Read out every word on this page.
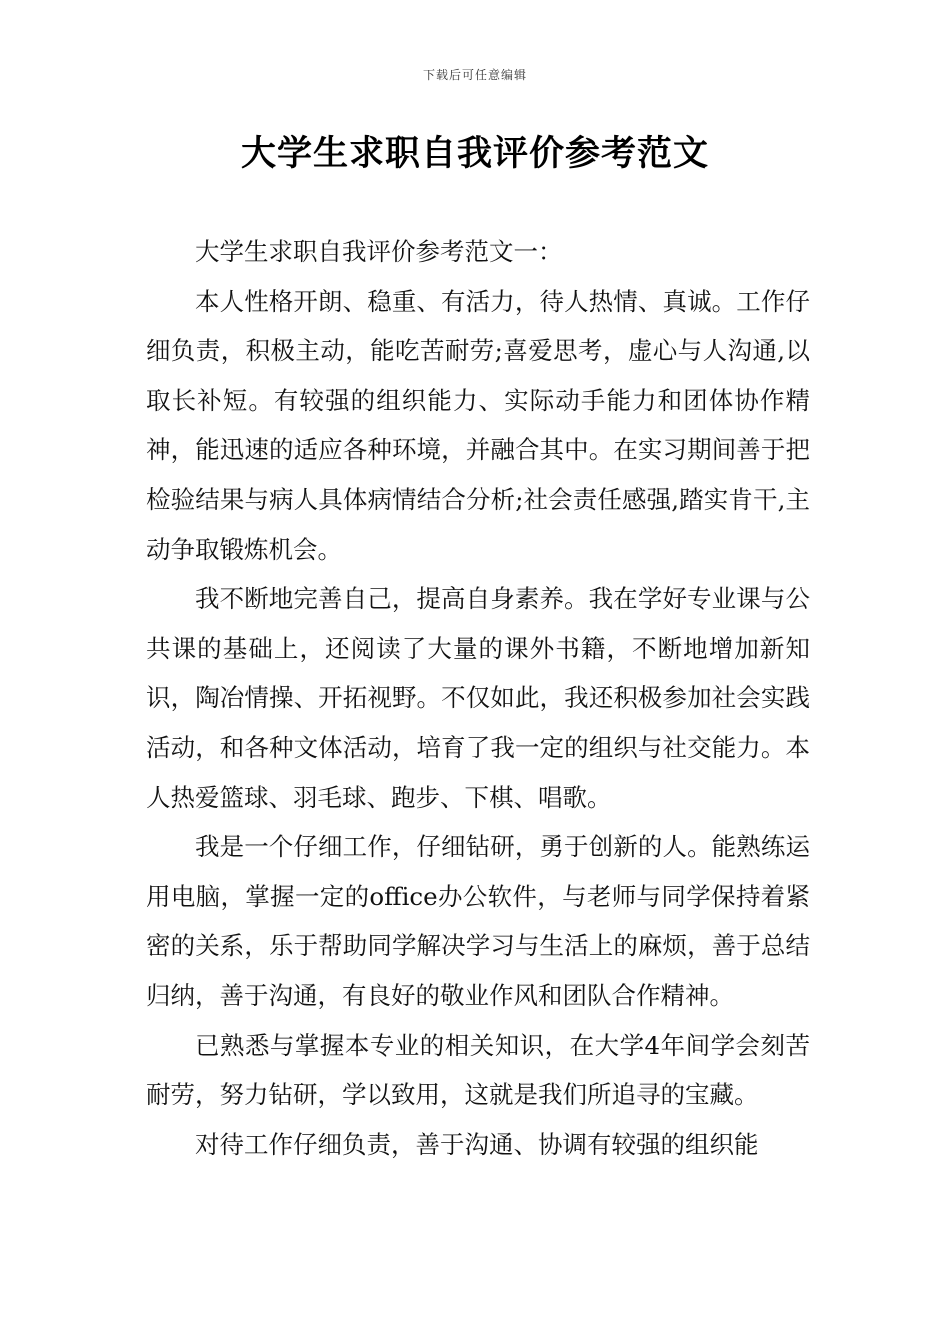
下载后可任意编辑
大学生求职自我评价参考范文

大学生求职自我评价参考范文一：

本人性格开朗、稳重、有活力，待人热情、真诚。工作仔细负责，积极主动，能吃苦耐劳;喜爱思考，虚心与人沟通,以取长补短。有较强的组织能力、实际动手能力和团体协作精神，能迅速的适应各种环境，并融合其中。在实习期间善于把检验结果与病人具体病情结合分析;社会责任感强,踏实肯干,主动争取锻炼机会。

我不断地完善自己，提高自身素养。我在学好专业课与公共课的基础上，还阅读了大量的课外书籍，不断地增加新知识，陶冶情操、开拓视野。不仅如此，我还积极参加社会实践活动，和各种文体活动，培育了我一定的组织与社交能力。本人热爱篮球、羽毛球、跑步、下棋、唱歌。

我是一个仔细工作，仔细钻研，勇于创新的人。能熟练运用电脑，掌握一定的office办公软件，与老师与同学保持着紧密的关系，乐于帮助同学解决学习与生活上的麻烦，善于总结归纳，善于沟通，有良好的敬业作风和团队合作精神。

已熟悉与掌握本专业的相关知识，在大学4年间学会刻苦耐劳，努力钻研，学以致用，这就是我们所追寻的宝藏。

对待工作仔细负责，善于沟通、协调有较强的组织能
